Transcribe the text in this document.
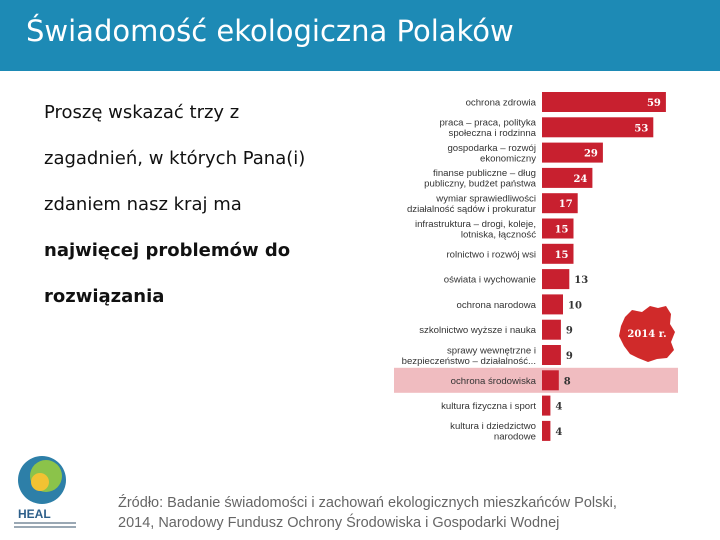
Świadomość ekologiczna Polaków
Proszę wskazać trzy z
zagadnień, w których Pana(i)
zdaniem nasz kraj ma
najwięcej problemów do
rozwiązania
ochrona zdrowia
praca – praca, polityka
społeczna i rodzinna
gospodarka – rozwój
ekonomiczny
finanse publiczne – dług
publiczny, budżet państwa
wymiar sprawiedliwości
działalność sądów i prokuratur
infrastruktura – drogi, koleje,
lotniska, łączność
rolnictwo i rozwój wsi
oświata i wychowanie
ochrona narodowa
szkolnictwo wyższe i nauka
sprawy wewnętrzne i
bezpieczeństwo – działalność...
ochrona środowiska
kultura fizyczna i sport
kultura i dziedzictwo
narodowe
59
53
29
24
17
15
15
13
10
9
9
8
4
4
2014 r.
Źródło: Badanie świadomości i zachowań ekologicznych mieszkańców Polski,
2014, Narodowy Fundusz Ochrony Środowiska i Gospodarki Wodnej
HEAL
